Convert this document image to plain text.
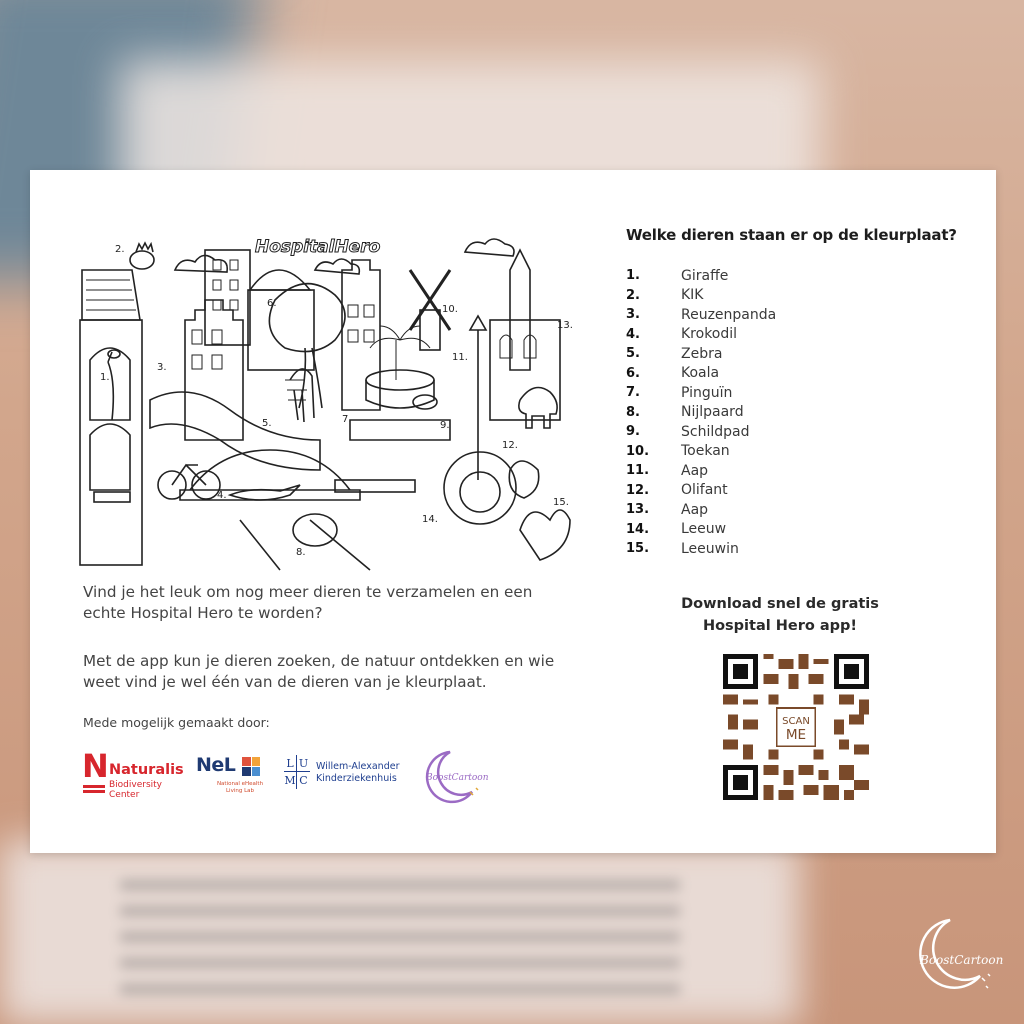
HospitalHero
1.
2.
3.
4.
5.
6.
7.
8.
9.
10.
11.
12.
13.
14.
15.
Welke dieren staan er op de kleurplaat?
1.	Giraffe
2.	KIK
3.	Reuzenpanda
4.	Krokodil
5.	Zebra
6.	Koala
7.	Pinguïn
8.	Nijlpaard
9.	Schildpad
10.	Toekan
11.	Aap
12.	Olifant
13.	Aap
14.	Leeuw
15.	Leeuwin

Vind je het leuk om nog meer dieren te verzamelen en een echte Hospital Hero te worden?

Met de app kun je dieren zoeken, de natuur ontdekken en wie weet vind je wel één van de dieren van je kleurplaat.

Mede mogelijk gemaakt door:
N Naturalis
Biodiversity Center
NeL
National eHealth Living Lab
L U
M C
Willem-Alexander
Kinderziekenhuis	BoostCartoon
Download snel de gratis
Hospital Hero app!
SCAN
ME
BoostCartoon
